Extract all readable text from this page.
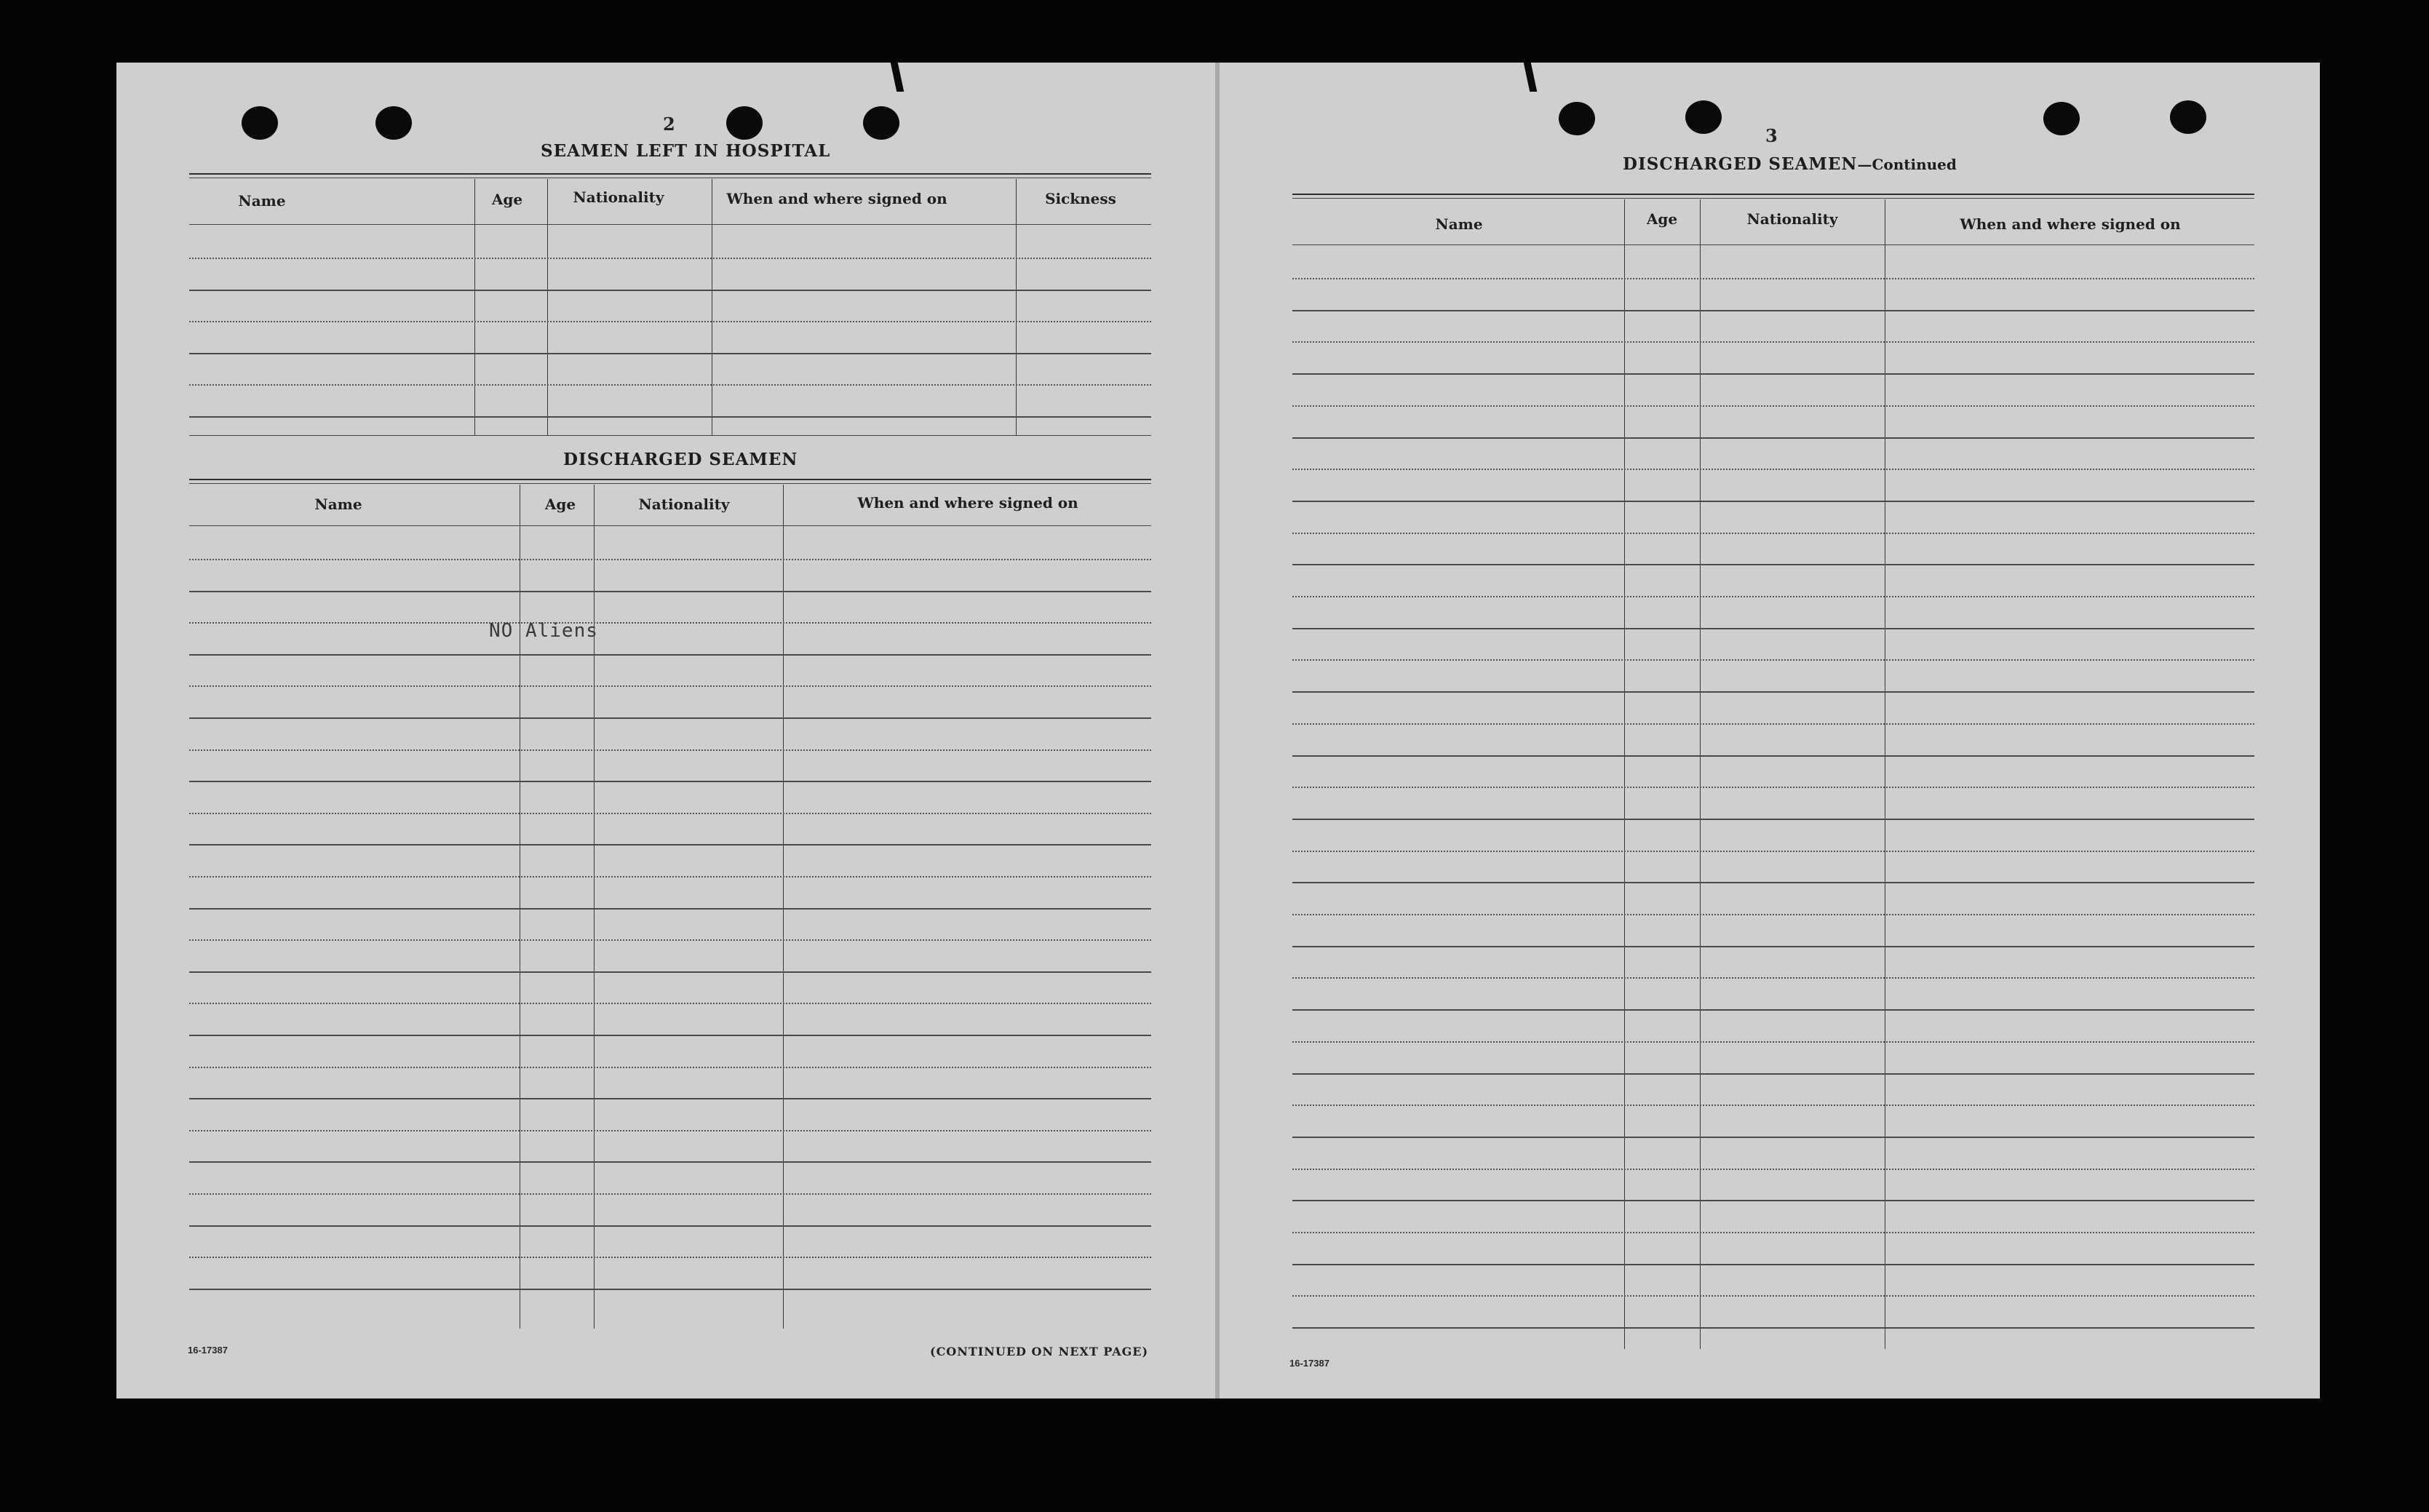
2
SEAMEN LEFT IN HOSPITAL
Name	Age	Nationality	When and where signed on	Sickness
DISCHARGED SEAMEN
Name	Age	Nationality	When and where signed on
NO Aliens
16-17387	(CONTINUED ON NEXT PAGE)
3
DISCHARGED SEAMEN—Continued
Name	Age	Nationality	When and where signed on
16-17387
